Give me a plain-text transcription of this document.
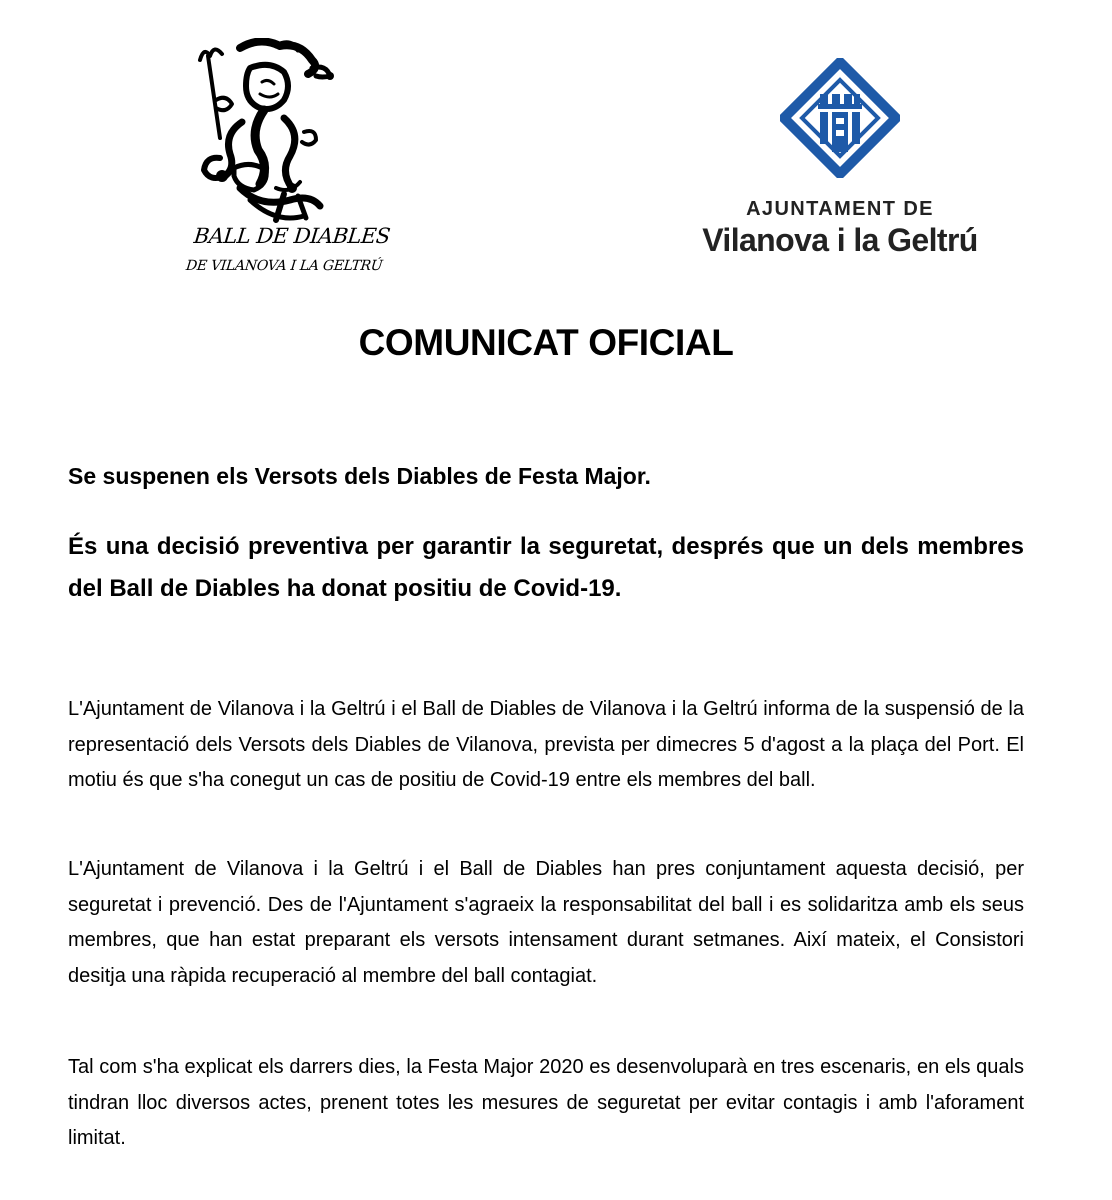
BALL DE DIABLES
DE VILANOVA I LA GELTRÚ
AJUNTAMENT DE
Vilanova i la Geltrú
COMUNICAT OFICIAL
Se suspenen els Versots dels Diables de Festa Major.
És una decisió preventiva per garantir la seguretat, després que un dels membres del Ball de Diables ha donat positiu de Covid-19.

L'Ajuntament de Vilanova i la Geltrú i el Ball de Diables de Vilanova i la Geltrú informa de la suspensió de la representació dels Versots dels Diables de Vilanova, prevista per dimecres 5 d'agost a la plaça del Port. El motiu és que s'ha conegut un cas de positiu de Covid-19 entre els membres del ball.

L'Ajuntament de Vilanova i la Geltrú i el Ball de Diables han pres conjuntament aquesta decisió, per seguretat i prevenció. Des de l'Ajuntament s'agraeix la responsabilitat del ball i es solidaritza amb els seus membres, que han estat preparant els versots intensament durant setmanes. Així mateix, el Consistori desitja una ràpida recuperació al membre del ball contagiat.

Tal com s'ha explicat els darrers dies, la Festa Major 2020 es desenvoluparà en tres escenaris, en els quals tindran lloc diversos actes, prenent totes les mesures de seguretat per evitar contagis i amb l'aforament limitat.
